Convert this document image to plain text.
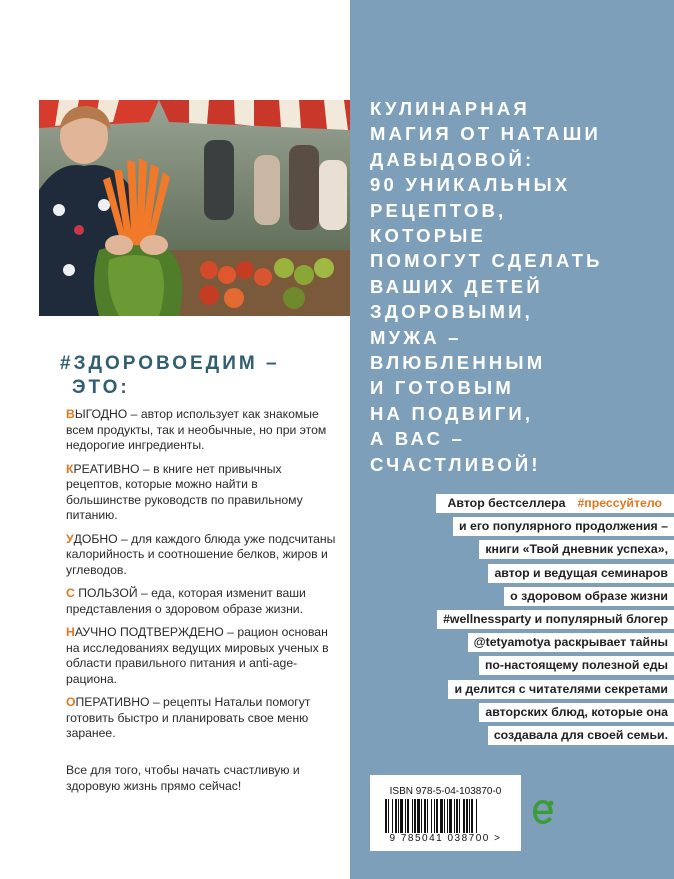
#ЗДОРОВОЕДИМ –
ЭТО:

ВЫГОДНО – автор использует как знакомые всем продукты, так и необычные, но при этом недорогие ингредиенты.

КРЕАТИВНО – в книге нет привычных рецептов, которые можно найти в большинстве руководств по правильному питанию.

УДОБНО – для каждого блюда уже подсчитаны калорийность и соотношение белков, жиров и углеводов.

С ПОЛЬЗОЙ – еда, которая изменит ваши представления о здоровом образе жизни.

НАУЧНО ПОДТВЕРЖДЕНО – рацион основан на исследованиях ведущих мировых ученых в области правильного питания и anti-age-рациона.

ОПЕРАТИВНО – рецепты Натальи помогут готовить быстро и планировать свое меню заранее.

Все для того, чтобы начать счастливую и здоровую жизнь прямо сейчас!

КУЛИНАРНАЯ
МАГИЯ ОТ НАТАШИ
ДАВЫДОВОЙ:
90 УНИКАЛЬНЫХ
РЕЦЕПТОВ,
КОТОРЫЕ
ПОМОГУТ СДЕЛАТЬ
ВАШИХ ДЕТЕЙ
ЗДОРОВЫМИ,
МУЖА –
ВЛЮБЛЕННЫМ
И ГОТОВЫМ
НА ПОДВИГИ,
А ВАС –
СЧАСТЛИВОЙ!
Автор бестселлера#прессуйтело
и его популярного продолжения –
книги «Твой дневник успеха»,
автор и ведущая семинаров
о здоровом образе жизни
#wellnessparty и популярный блогер
@tetyamotya раскрывает тайны
по-настоящему полезной еды
и делится с читателями секретами
авторских блюд, которые она
создавала для своей семьи.
ISBN 978-5-04-103870-0
9 785041 038700 >
